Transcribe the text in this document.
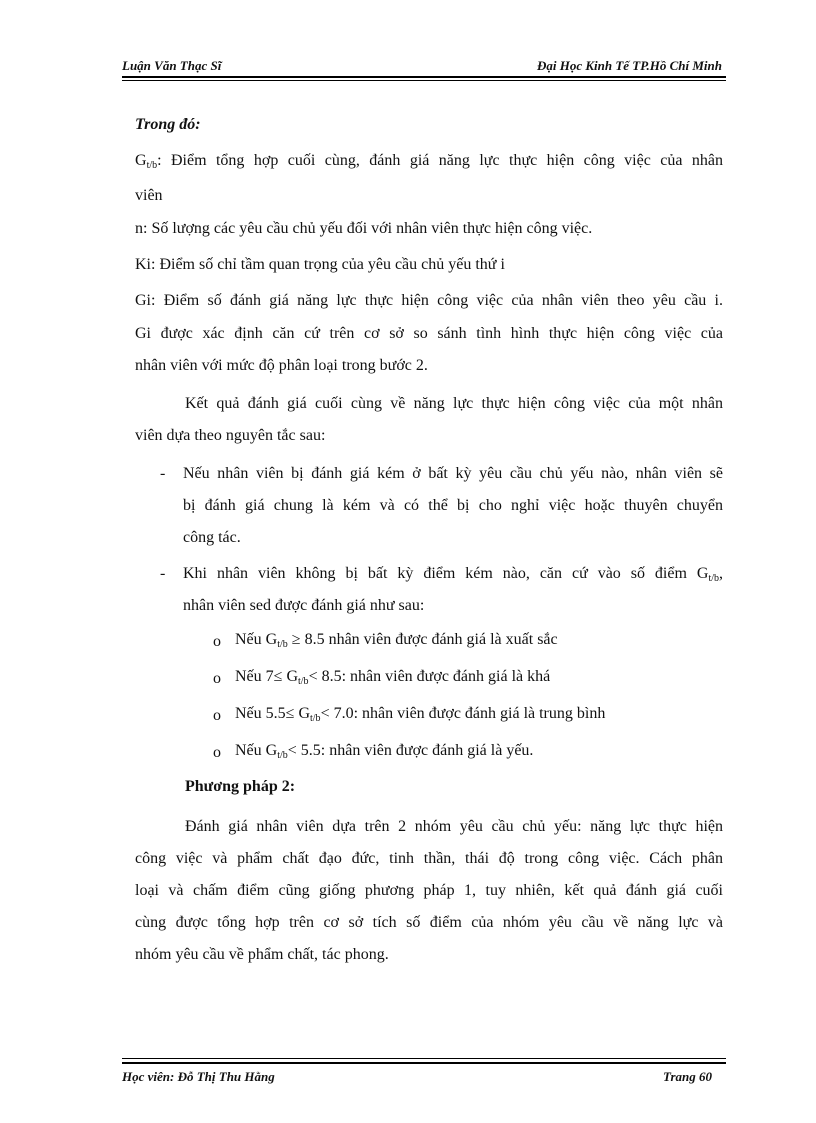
Luận Văn Thạc Sĩ	Đại Học Kinh Tế TP.Hồ Chí Minh
Trong đó:
$G_{t/b}$: Điểm tổng hợp cuối cùng, đánh giá năng lực thực hiện công việc của nhân
viên
n: Số lượng các yêu cầu chủ yếu đối với nhân viên thực hiện công việc.
Ki: Điểm số chỉ tầm quan trọng của yêu cầu chủ yếu thứ i
Gi: Điểm số đánh giá năng lực thực hiện công việc của nhân viên theo yêu cầu i.
Gi được xác định căn cứ trên cơ sở so sánh tình hình thực hiện công việc của
nhân viên với mức độ phân loại trong bước 2.
Kết quả đánh giá cuối cùng về năng lực thực hiện công việc của một nhân
viên dựa theo nguyên tắc sau:
- Nếu nhân viên bị đánh giá kém ở bất kỳ yêu cầu chủ yếu nào, nhân viên sẽ
bị đánh giá chung là kém và có thể bị cho nghỉ việc hoặc thuyên chuyển
công tác.
- Khi nhân viên không bị bất kỳ điểm kém nào, căn cứ vào số điểm $G_{t/b}$,
nhân viên sed được đánh giá như sau:
o Nếu $G_{t/b} \ge 8.5$ nhân viên được đánh giá là xuất sắc
o Nếu $7\le G_{t/b}< 8.5$: nhân viên được đánh giá là khá
o Nếu $5.5\le G_{t/b}< 7.0$: nhân viên được đánh giá là trung bình
o Nếu $G_{t/b}< 5.5$: nhân viên được đánh giá là yếu.
Phương pháp 2:
Đánh giá nhân viên dựa trên 2 nhóm yêu cầu chủ yếu: năng lực thực hiện
công việc và phẩm chất đạo đức, tinh thần, thái độ trong công việc. Cách phân
loại và chấm điểm cũng giống phương pháp 1, tuy nhiên, kết quả đánh giá cuối
cùng được tổng hợp trên cơ sở tích số điểm của nhóm yêu cầu về năng lực và
nhóm yêu cầu về phẩm chất, tác phong.
Học viên: Đỗ Thị Thu Hằng	Trang 60
